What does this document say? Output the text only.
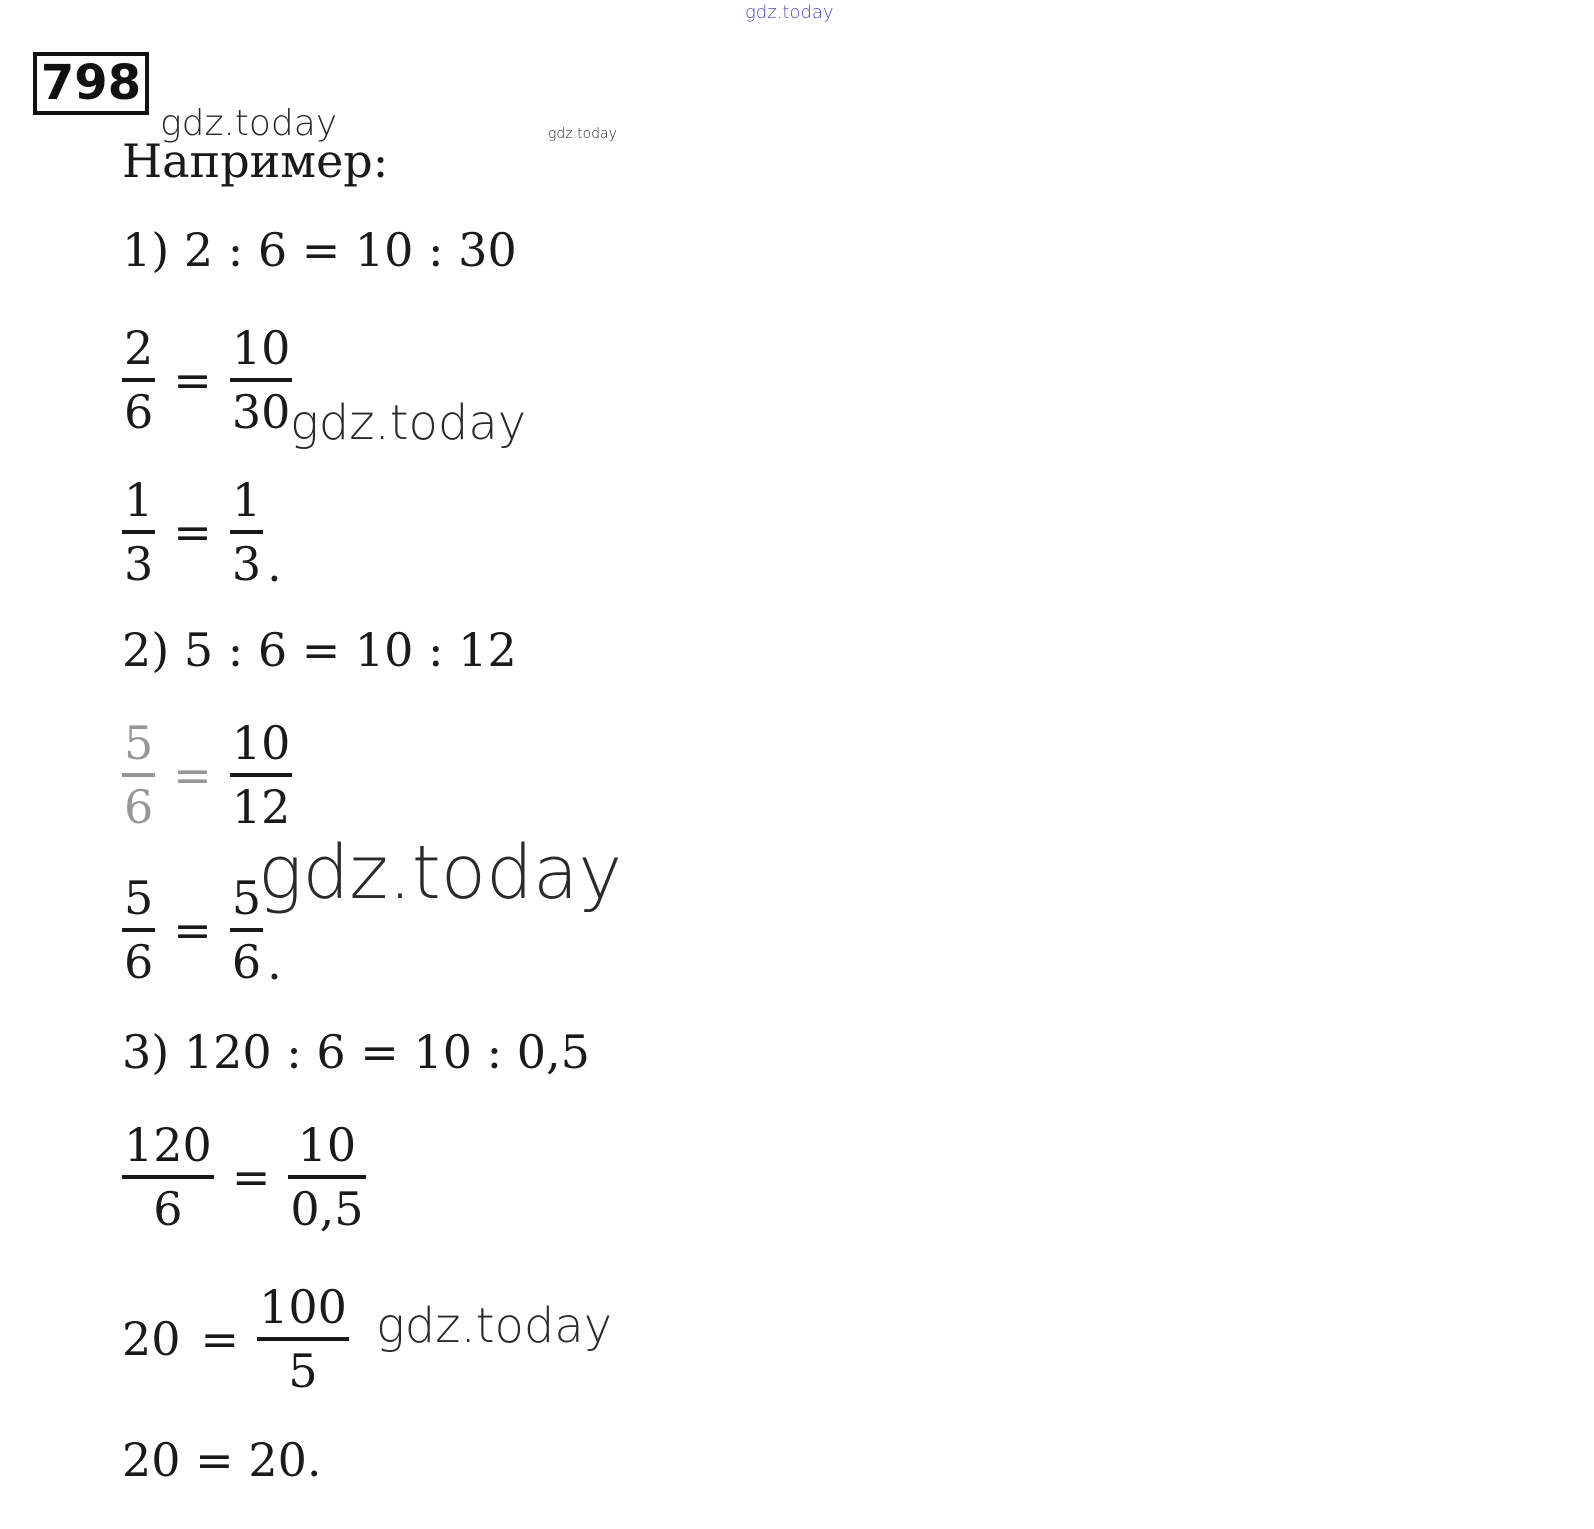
gdz.today
gdz.today	gdz.today
798
Например:
1) 2 : 6 = 10 : 30
$\frac{2}{6} = \frac{10}{30}$
$\frac{1}{3} = \frac{1}{3}$ .
gdz.today
2) 5 : 6 = 10 : 12
$\frac{5}{6} = \frac{10}{12}$
$\frac{5}{6} = \frac{5}{6}$ .
gdz.today
3) 120 : 6 = 10 : 0,5
$\frac{120}{6} = \frac{10}{0,5}$
$20 = \frac{100}{5}$ gdz.today
20 = 20.
